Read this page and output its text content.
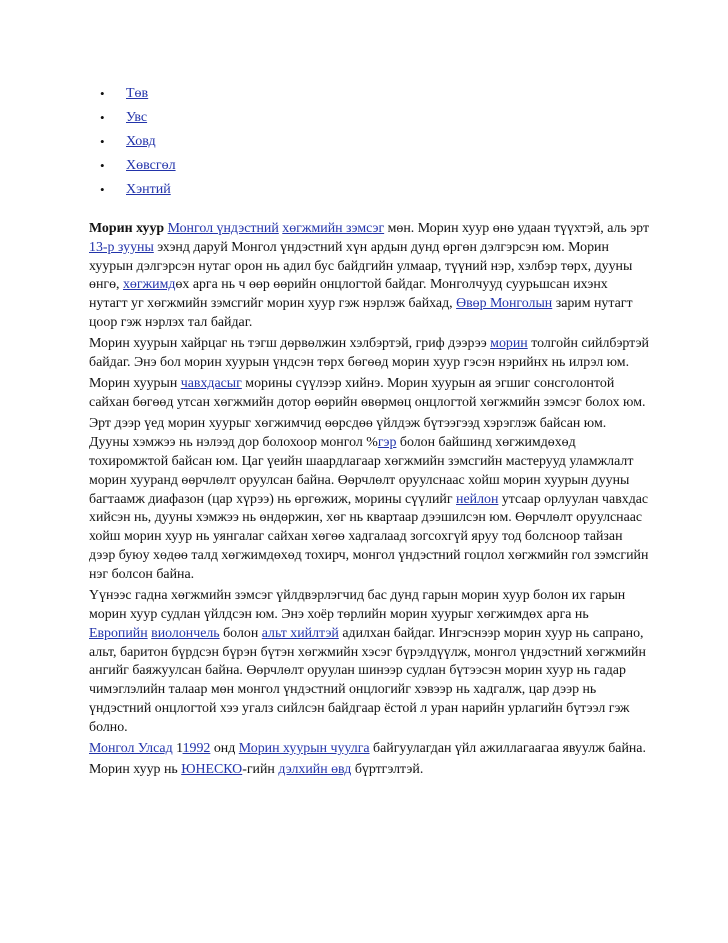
•	Төв
•	Увс
•	Ховд
•	Хөвсгөл
•	Хэнтий

Морин хуур Монгол үндэстний хөгжмийн зэмсэг мөн. Морин хуур өнө удаан түүхтэй, аль эрт 13-р зууны эхэнд даруй Монгол үндэстний хүн ардын дунд өргөн дэлгэрсэн юм. Морин хуурын дэлгэрсэн нутаг орон нь адил бус байдгийн улмаар, түүний нэр, хэлбэр төрх, дууны өнгө, хөгжимдөх арга нь ч өөр өөрийн онцлогтой байдаг. Монголчууд суурьшсан ихэнх нутагт уг хөгжмийн зэмсгийг морин хуур гэж нэрлэж байхад, Өвөр Монголын зарим нутагт цоор гэж нэрлэх тал байдаг.

Морин хуурын хайрцаг нь тэгш дөрвөлжин хэлбэртэй, гриф дээрээ морин толгойн сийлбэртэй байдаг. Энэ бол морин хуурын үндсэн төрх бөгөөд морин хуур гэсэн нэрийнх нь илрэл юм.

Морин хуурын чавхдасыг морины сүүлээр хийнэ. Морин хуурын ая эгшиг сонсголонтой сайхан бөгөөд утсан хөгжмийн дотор өөрийн өвөрмөц онцлогтой хөгжмийн зэмсэг болох юм.

Эрт дээр үед морин хуурыг хөгжимчид өөрсдөө үйлдэж бүтээгээд хэрэглэж байсан юм. Дууны хэмжээ нь нэлээд дор болохоор монгол %гэр болон байшинд хөгжимдөхөд тохиромжтой байсан юм. Цаг үеийн шаардлагаар хөгжмийн зэмсгийн мастерууд уламжлалт морин хууранд өөрчлөлт оруулсан байна. Өөрчлөлт оруулснаас хойш морин хуурын дууны багтаамж диафазон (цар хүрээ) нь өргөжиж, морины сүүлийг нейлон утсаар орлуулан чавхдас хийсэн нь, дууны хэмжээ нь өндөржин, хөг нь квартаар дээшилсэн юм. Өөрчлөлт оруулснаас хойш морин хуур нь уянгалаг сайхан хөгөө хадгалаад зогсохгүй яруу тод болсноор тайзан дээр буюу хөдөө талд хөгжимдөхөд тохирч, монгол үндэстний гоцлол хөгжмийн гол зэмсгийн нэг болсон байна.

Үүнээс гадна хөгжмийн зэмсэг үйлдвэрлэгчид бас дунд гарын морин хуур болон их гарын морин хуур судлан үйлдсэн юм. Энэ хоёр төрлийн морин хуурыг хөгжимдөх арга нь Европийн виолончель болон альт хийлтэй адилхан байдаг. Ингэснээр морин хуур нь сапрано, альт, баритон бүрдсэн бүрэн бүтэн хөгжмийн хэсэг бүрэлдүүлж, монгол үндэстний хөгжмийн ангийг баяжуулсан байна. Өөрчлөлт оруулан шинээр судлан бүтээсэн морин хуур нь гадар чимэглэлийн талаар мөн монгол үндэстний онцлогийг хэвээр нь хадгалж, цар дээр нь үндэстний онцлогтой хээ угалз сийлсэн байдгаар ёстой л уран нарийн урлагийн бүтээл гэж болно.

Монгол Улсад 11992 онд Морин хуурын чуулга байгуулагдан үйл ажиллагаагаа явуулж байна.

Морин хуур нь ЮНЕСКО-гийн дэлхийн өвд бүртгэлтэй.
